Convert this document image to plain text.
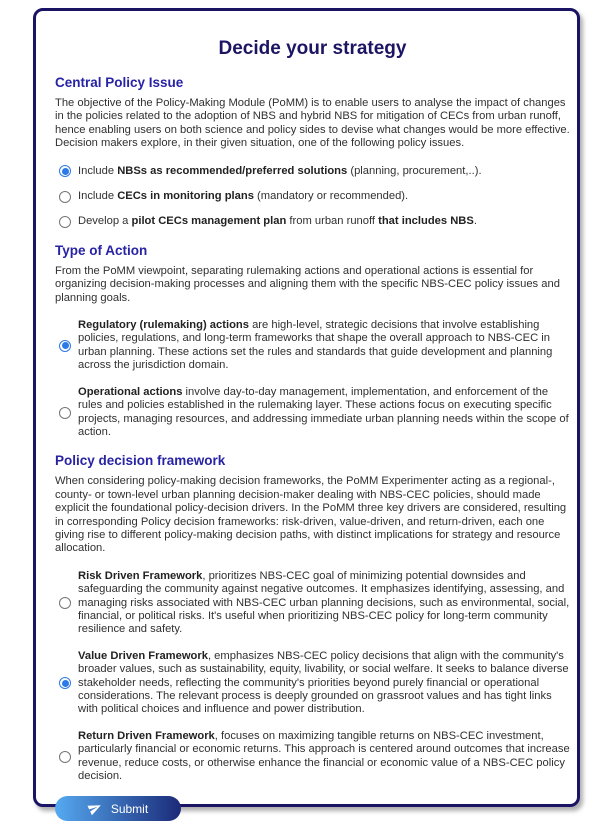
Decide your strategy
Central Policy Issue

The objective of the Policy-Making Module (PoMM) is to enable users to analyse the impact of changes in the policies related to the adoption of NBS and hybrid NBS for mitigation of CECs from urban runoff, hence enabling users on both science and policy sides to devise what changes would be more effective. Decision makers explore, in their given situation, one of the following policy issues.

Include NBSs as recommended/preferred solutions (planning, procurement,..).
Include CECs in monitoring plans (mandatory or recommended).
Develop a pilot CECs management plan from urban runoff that includes NBS.
Type of Action

From the PoMM viewpoint, separating rulemaking actions and operational actions is essential for organizing decision-making processes and aligning them with the specific NBS-CEC policy issues and planning goals.

Regulatory (rulemaking) actions are high-level, strategic decisions that involve establishing policies, regulations, and long-term frameworks that shape the overall approach to NBS-CEC in urban planning. These actions set the rules and standards that guide development and planning across the jurisdiction domain.
Operational actions involve day-to-day management, implementation, and enforcement of the rules and policies established in the rulemaking layer. These actions focus on executing specific projects, managing resources, and addressing immediate urban planning needs within the scope of action.
Policy decision framework

When considering policy-making decision frameworks, the PoMM Experimenter acting as a regional-, county- or town-level urban planning decision-maker dealing with NBS-CEC policies, should made explicit the foundational policy-decision drivers. In the PoMM three key drivers are considered, resulting in corresponding Policy decision frameworks: risk-driven, value-driven, and return-driven, each one giving rise to different policy-making decision paths, with distinct implications for strategy and resource allocation.

Risk Driven Framework, prioritizes NBS-CEC goal of minimizing potential downsides and safeguarding the community against negative outcomes. It emphasizes identifying, assessing, and managing risks associated with NBS-CEC urban planning decisions, such as environmental, social, financial, or political risks. It's useful when prioritizing NBS-CEC policy for long-term community resilience and safety.
Value Driven Framework, emphasizes NBS-CEC policy decisions that align with the community's broader values, such as sustainability, equity, livability, or social welfare. It seeks to balance diverse stakeholder needs, reflecting the community's priorities beyond purely financial or operational considerations. The relevant process is deeply grounded on grassroot values and has tight links with political choices and influence and power distribution.
Return Driven Framework, focuses on maximizing tangible returns on NBS-CEC investment, particularly financial or economic returns. This approach is centered around outcomes that increase revenue, reduce costs, or otherwise enhance the financial or economic value of a NBS-CEC policy decision.
Submit
